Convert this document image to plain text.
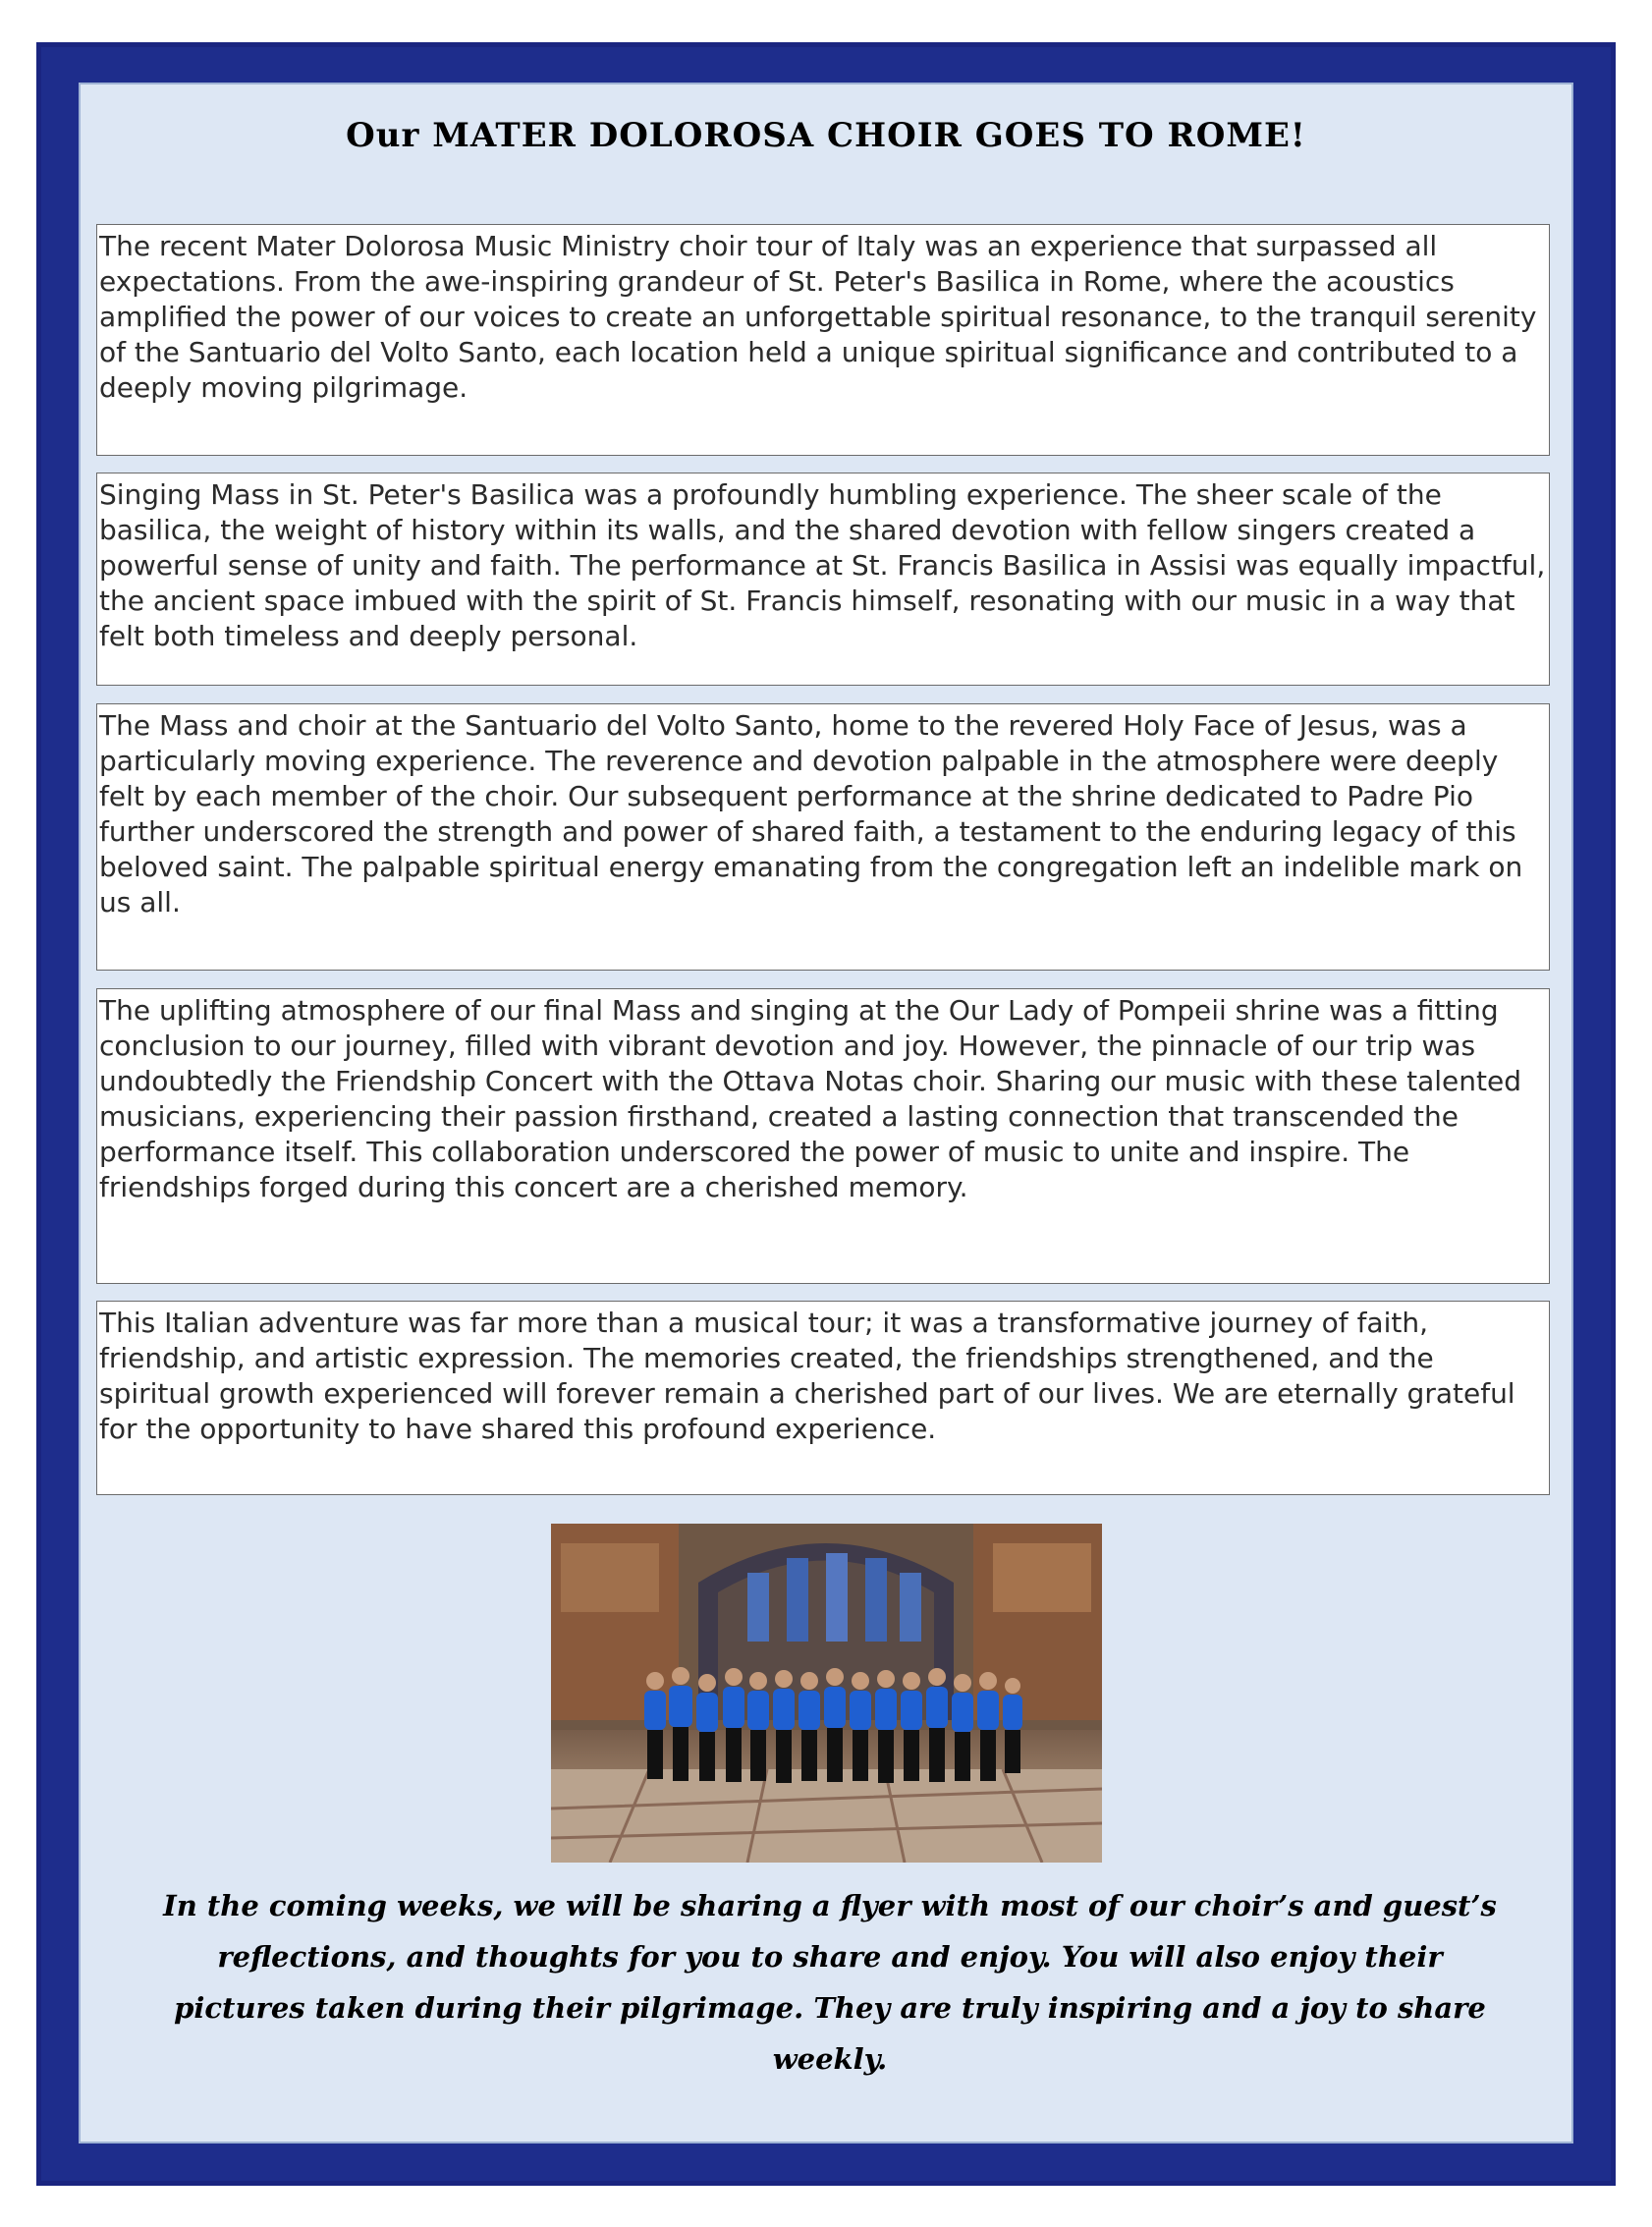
Our MATER DOLOROSA CHOIR GOES TO ROME!

The recent Mater Dolorosa Music Ministry choir tour of Italy was an experience that surpassed all expectations. From the awe-inspiring grandeur of St. Peter's Basilica in Rome, where the acoustics amplified the power of our voices to create an unforgettable spiritual resonance, to the tranquil serenity of the Santuario del Volto Santo, each location held a unique spiritual significance and contributed to a deeply moving pilgrimage.

Singing Mass in St. Peter's Basilica was a profoundly humbling experience. The sheer scale of the basilica, the weight of history within its walls, and the shared devotion with fellow singers created a powerful sense of unity and faith. The performance at St. Francis Basilica in Assisi was equally impactful, the ancient space imbued with the spirit of St. Francis himself, resonating with our music in a way that felt both timeless and deeply personal.

The Mass and choir at the Santuario del Volto Santo, home to the revered Holy Face of Jesus, was a particularly moving experience. The reverence and devotion palpable in the atmosphere were deeply felt by each member of the choir. Our subsequent performance at the shrine dedicated to Padre Pio further underscored the strength and power of shared faith, a testament to the enduring legacy of this beloved saint. The palpable spiritual energy emanating from the congregation left an indelible mark on us all.

The uplifting atmosphere of our final Mass and singing at the Our Lady of Pompeii shrine was a fitting conclusion to our journey, filled with vibrant devotion and joy. However, the pinnacle of our trip was undoubtedly the Friendship Concert with the Ottava Notas choir. Sharing our music with these talented musicians, experiencing their passion firsthand, created a lasting connection that transcended the performance itself. This collaboration underscored the power of music to unite and inspire. The friendships forged during this concert are a cherished memory.

This Italian adventure was far more than a musical tour; it was a transformative journey of faith, friendship, and artistic expression. The memories created, the friendships strengthened, and the spiritual growth experienced will forever remain a cherished part of our lives. We are eternally grateful for the opportunity to have shared this profound experience.

In the coming weeks, we will be sharing a flyer with most of our choir’s and guest’s reflections, and thoughts for you to share and enjoy. You will also enjoy their pictures taken during their pilgrimage. They are truly inspiring and a joy to share weekly.
